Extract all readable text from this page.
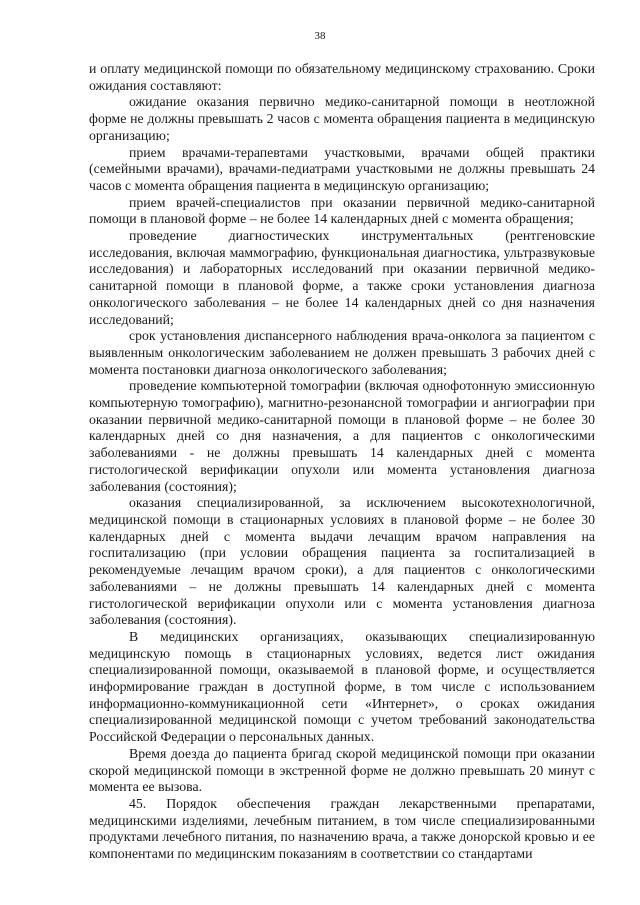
38

и оплату медицинской помощи по обязательному медицинскому страхованию. Сроки ожидания составляют:

ожидание оказания первично медико-санитарной помощи в неотложной форме не должны превышать 2 часов с момента обращения пациента в медицинскую организацию;

прием врачами-терапевтами участковыми, врачами общей практики (семейными врачами), врачами-педиатрами участковыми не должны превышать 24 часов с момента обращения пациента в медицинскую организацию;

прием врачей-специалистов при оказании первичной медико-санитарной помощи в плановой форме – не более 14 календарных дней с момента обращения;

проведение диагностических инструментальных (рентгеновские исследования, включая маммографию, функциональная диагностика, ультразвуковые исследования) и лабораторных исследований при оказании первичной медико-санитарной помощи в плановой форме, а также сроки установления диагноза онкологического заболевания – не более 14 календарных дней со дня назначения исследований;

срок установления диспансерного наблюдения врача-онколога за пациентом с выявленным онкологическим заболеванием не должен превышать 3 рабочих дней с момента постановки диагноза онкологического заболевания;

проведение компьютерной томографии (включая однофотонную эмиссионную компьютерную томографию), магнитно-резонансной томографии и ангиографии при оказании первичной медико-санитарной помощи в плановой форме – не более 30 календарных дней со дня назначения, а для пациентов с онкологическими заболеваниями - не должны превышать 14 календарных дней с момента гистологической верификации опухоли или момента установления диагноза заболевания (состояния);

оказания специализированной, за исключением высокотехнологичной, медицинской помощи в стационарных условиях в плановой форме – не более 30 календарных дней с момента выдачи лечащим врачом направления на госпитализацию (при условии обращения пациента за госпитализацией в рекомендуемые лечащим врачом сроки), а для пациентов с онкологическими заболеваниями – не должны превышать 14 календарных дней с момента гистологической верификации опухоли или с момента установления диагноза заболевания (состояния).

В медицинских организациях, оказывающих специализированную медицинскую помощь в стационарных условиях, ведется лист ожидания специализированной помощи, оказываемой в плановой форме, и осуществляется информирование граждан в доступной форме, в том числе с использованием информационно-коммуникационной сети «Интернет», о сроках ожидания специализированной медицинской помощи с учетом требований законодательства Российской Федерации о персональных данных.

Время доезда до пациента бригад скорой медицинской помощи при оказании скорой медицинской помощи в экстренной форме не должно превышать 20 минут с момента ее вызова.

45. Порядок обеспечения граждан лекарственными препаратами, медицинскими изделиями, лечебным питанием, в том числе специализированными продуктами лечебного питания, по назначению врача, а также донорской кровью и ее компонентами по медицинским показаниям в соответствии со стандартами
